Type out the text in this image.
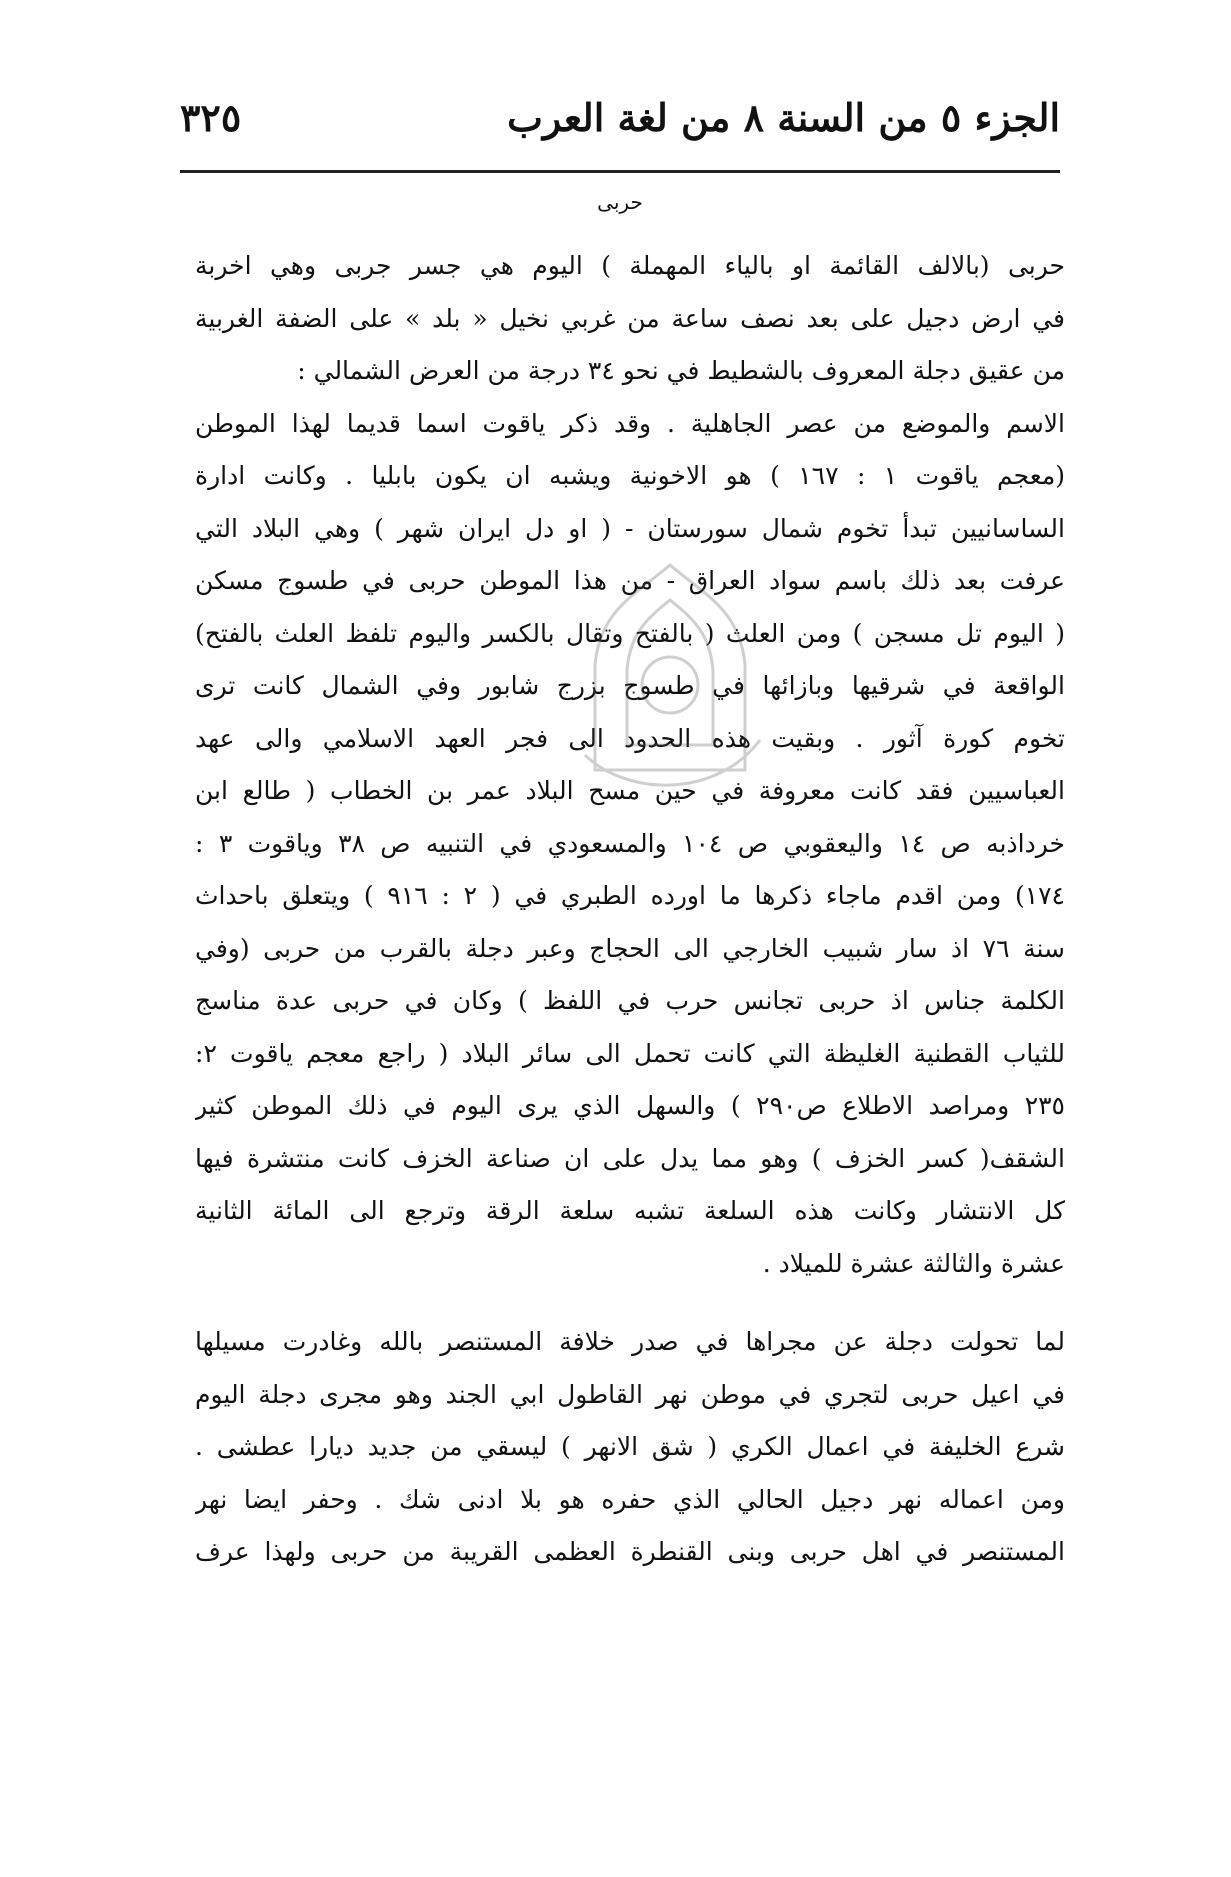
الجزء ٥ من السنة ٨ من لغة العرب
٣٢٥
حربى
حربى (بالالف القائمة او بالياء المهملة ) اليوم هي جسر جربى وهي اخربة
في ارض دجيل على بعد نصف ساعة من غربي نخيل « بلد » على الضفة الغربية
من عقيق دجلة المعروف بالشطيط في نحو ٣٤ درجة من العرض الشمالي :
الاسم والموضع من عصر الجاهلية . وقد ذكر ياقوت اسما قديما لهذا الموطن
(معجم ياقوت ١ : ١٦٧ ) هو الاخونية ويشبه ان يكون بابليا . وكانت ادارة
الساسانيين تبدأ تخوم شمال سورستان - ( او دل ايران شهر ) وهي البلاد التي
عرفت بعد ذلك باسم سواد العراق - من هذا الموطن حربى في طسوج مسكن
( اليوم تل مسجن ) ومن العلث ( بالفتح وتقال بالكسر واليوم تلفظ العلث بالفتح)
الواقعة في شرقيها وبازائها في طسوج بزرج شابور وفي الشمال كانت ترى
تخوم كورة آثور . وبقيت هذه الحدود الى فجر العهد الاسلامي والى عهد
العباسيين فقد كانت معروفة في حين مسح البلاد عمر بن الخطاب ( طالع ابن
خرداذبه ص ١٤ واليعقوبي ص ١٠٤ والمسعودي في التنبيه ص ٣٨ وياقوت ٣ :
١٧٤) ومن اقدم ماجاء ذكرها ما اورده الطبري في ( ٢ : ٩١٦ ) ويتعلق باحداث
سنة ٧٦ اذ سار شبيب الخارجي الى الحجاج وعبر دجلة بالقرب من حربى (وفي
الكلمة جناس اذ حربى تجانس حرب في اللفظ ) وكان في حربى عدة مناسج
للثياب القطنية الغليظة التي كانت تحمل الى سائر البلاد ( راجع معجم ياقوت ٢:
٢٣٥ ومراصد الاطلاع ص٢٩٠ ) والسهل الذي يرى اليوم في ذلك الموطن كثير
الشقف( كسر الخزف ) وهو مما يدل على ان صناعة الخزف كانت منتشرة فيها
كل الانتشار وكانت هذه السلعة تشبه سلعة الرقة وترجع الى المائة الثانية
عشرة والثالثة عشرة للميلاد .
لما تحولت دجلة عن مجراها في صدر خلافة المستنصر بالله وغادرت مسيلها
في اعيل حربى لتجري في موطن نهر القاطول ابي الجند وهو مجرى دجلة اليوم
شرع الخليفة في اعمال الكري ( شق الانهر ) ليسقي من جديد ديارا عطشى .
ومن اعماله نهر دجيل الحالي الذي حفره هو بلا ادنى شك . وحفر ايضا نهر
المستنصر في اهل حربى وبنى القنطرة العظمى القريبة من حربى ولهذا عرف
